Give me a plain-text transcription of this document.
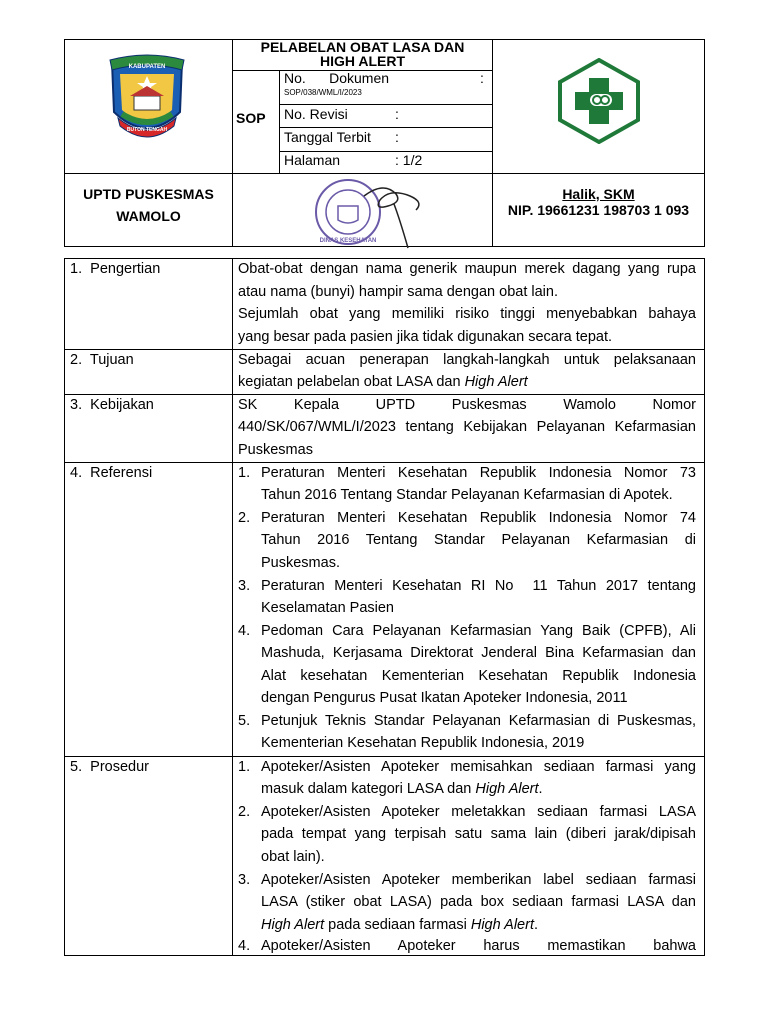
KABUPATEN
BUTON TENGAH
PELABELAN OBAT LASA DAN
HIGH ALERT
SOP
No.      Dokumen	:
SOP/038/WML/I/2023
No. Revisi	:
Tanggal Terbit :
Halaman	: 1/2
UPTD PUSKESMAS
WAMOLO
DINAS KESEHATAN
Halik, SKM
NIP. 19661231 198703 1 093
1.  Pengertian	Obat-obat dengan nama generik maupun merek dagang yang rupa
atau nama (bunyi) hampir sama dengan obat lain.
Sejumlah obat yang memiliki risiko tinggi menyebabkan bahaya
yang besar pada pasien jika tidak digunakan secara tepat.
2.  Tujuan	Sebagai acuan penerapan langkah-langkah untuk pelaksanaan
kegiatan pelabelan obat LASA dan High Alert
3.  Kebijakan	SK      Kepala      UPTD      Puskesmas      Wamolo      Nomor
440/SK/067/WML/I/2023 tentang Kebijakan Pelayanan Kefarmasian
Puskesmas
4.  Referensi	1. Peraturan Menteri Kesehatan Republik Indonesia Nomor 73
Tahun 2016 Tentang Standar Pelayanan Kefarmasian di Apotek.
2. Peraturan Menteri Kesehatan Republik Indonesia Nomor 74
Tahun  2016  Tentang  Standar  Pelayanan  Kefarmasian  di
Puskesmas.
3. Peraturan Menteri Kesehatan RI No  11 Tahun 2017 tentang
Keselamatan Pasien
4. Pedoman Cara Pelayanan Kefarmasian Yang Baik (CPFB), Ali
Mashuda, Kerjasama Direktorat Jenderal Bina Kefarmasian dan
Alat kesehatan Kementerian Kesehatan Republik Indonesia
dengan Pengurus Pusat Ikatan Apoteker Indonesia, 2011
5. Petunjuk Teknis Standar Pelayanan Kefarmasian di Puskesmas,
Kementerian Kesehatan Republik Indonesia, 2019
5.  Prosedur	1. Apoteker/Asisten Apoteker memisahkan sediaan farmasi yang
masuk dalam kategori LASA dan High Alert.
2. Apoteker/Asisten Apoteker meletakkan sediaan farmasi LASA
pada tempat yang terpisah satu sama lain (diberi jarak/dipisah
obat lain).
3. Apoteker/Asisten Apoteker memberikan label sediaan farmasi
LASA (stiker obat LASA) pada box sediaan farmasi LASA dan
High Alert pada sediaan farmasi High Alert.
4. Apoteker/Asisten    Apoteker    harus    memastikan    bahwa
